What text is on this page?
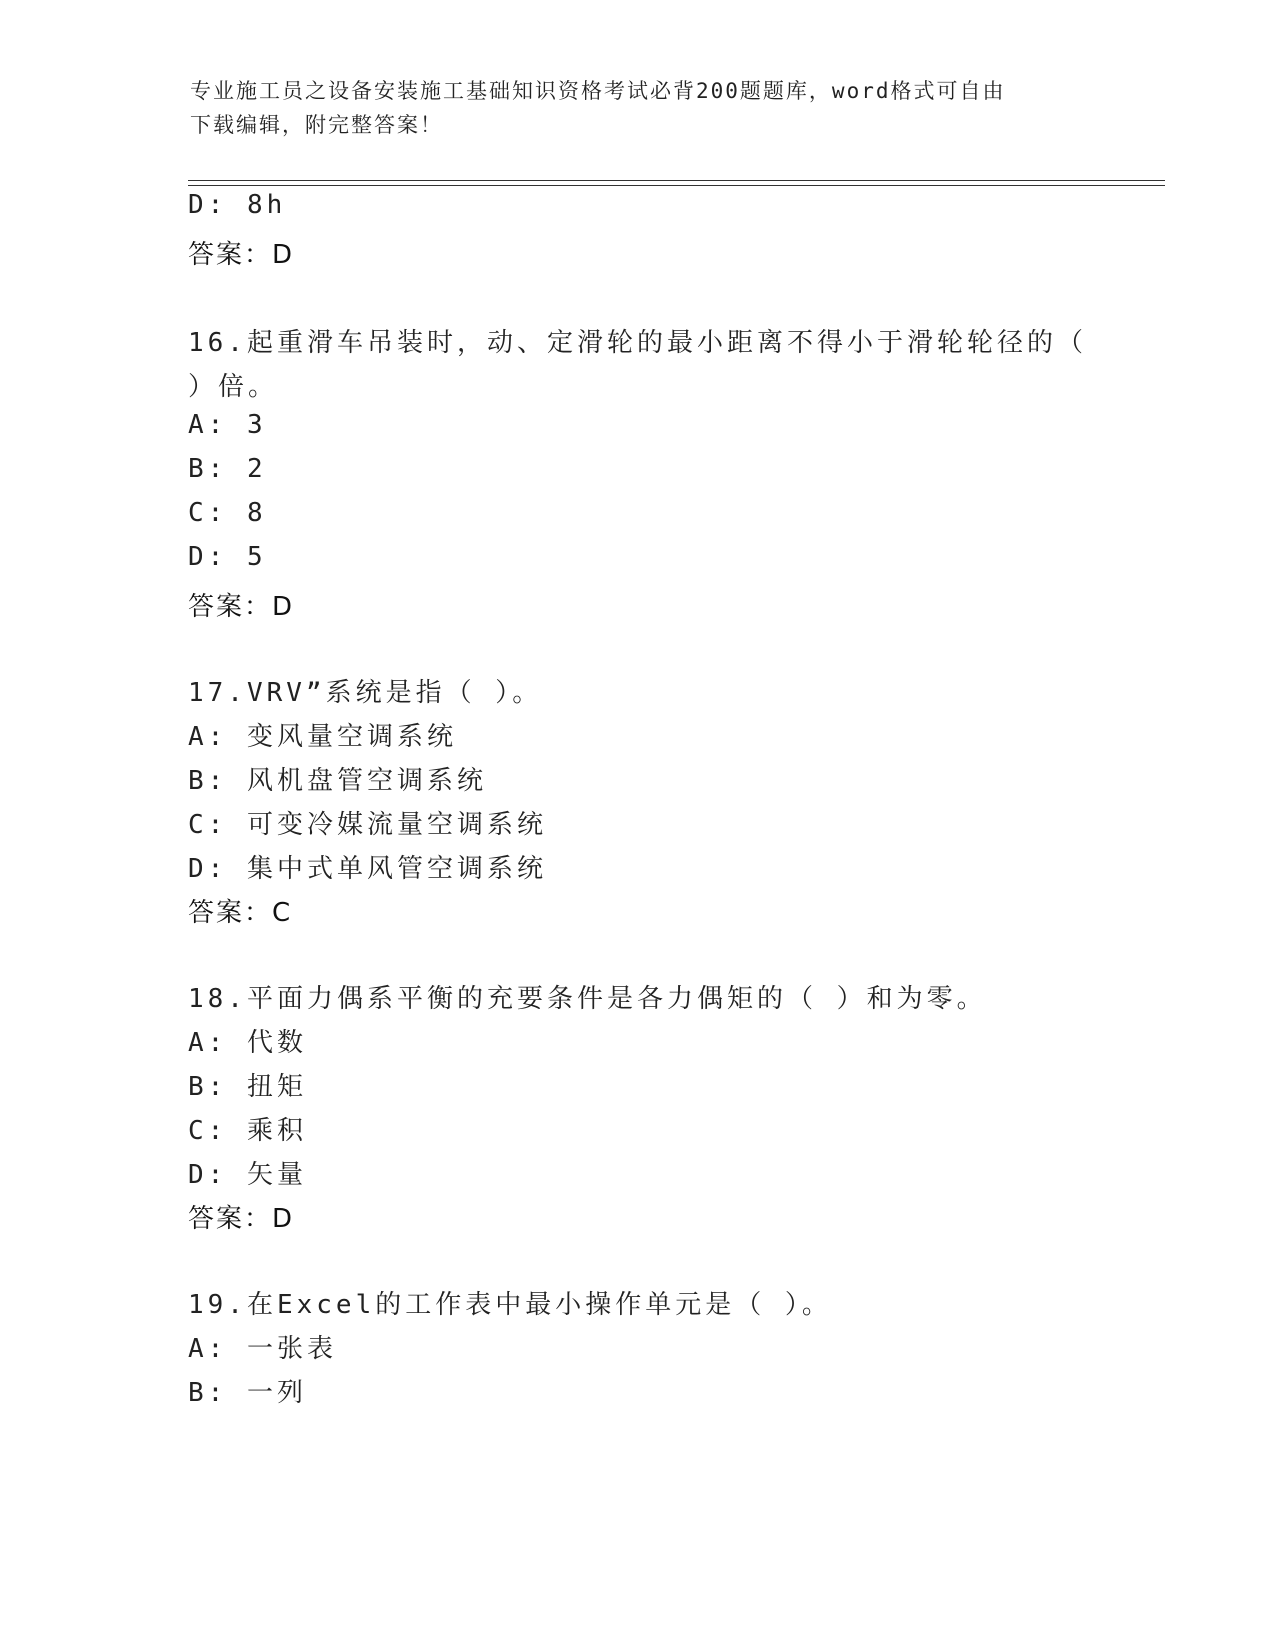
专业施工员之设备安装施工基础知识资格考试必背200题题库，word格式可自由
下载编辑，附完整答案！
D: 8h
答案：D
16.起重滑车吊装时，动、定滑轮的最小距离不得小于滑轮轮径的（
）倍。
A: 3
B: 2
C: 8
D: 5
答案：D
17.VRV”系统是指（ ）。
A: 变风量空调系统
B: 风机盘管空调系统
C: 可变冷媒流量空调系统
D: 集中式单风管空调系统
答案：C
18.平面力偶系平衡的充要条件是各力偶矩的（ ）和为零。
A: 代数
B: 扭矩
C: 乘积
D: 矢量
答案：D
19.在Excel的工作表中最小操作单元是（ ）。
A: 一张表
B: 一列
